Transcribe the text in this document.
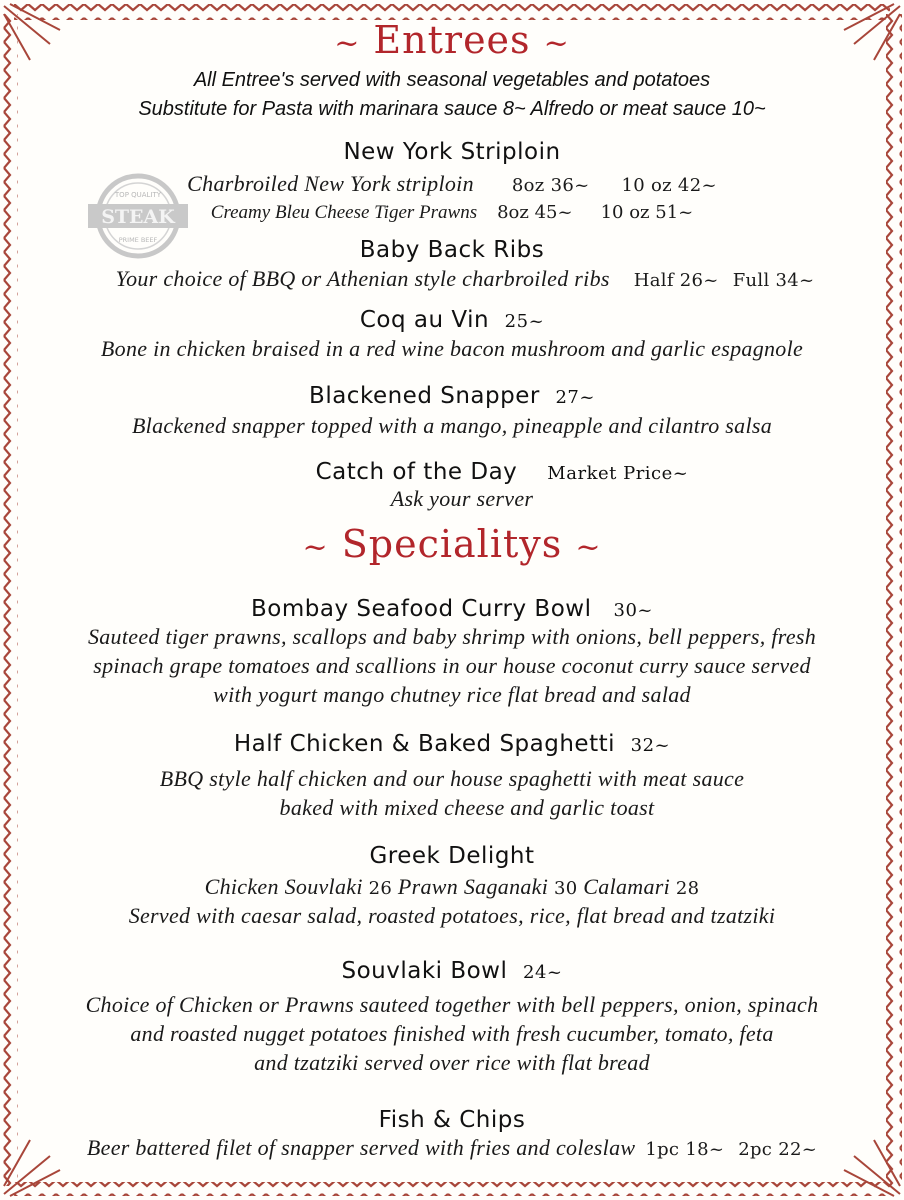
~ Entrees ~
All Entree's served with seasonal vegetables and potatoes
Substitute for Pasta with marinara sauce 8~ Alfredo or meat sauce 10~
STEAK
TOP QUALITY
PRIME BEEF
New York Striploin
Charbroiled New York striploin 8oz 36~ 10 oz 42~
Creamy Bleu Cheese Tiger Prawns 8oz 45~ 10 oz 51~
Baby Back Ribs
Your choice of BBQ or Athenian style charbroiled ribs Half 26~ Full 34~
Coq au Vin 25~
Bone in chicken braised in a red wine bacon mushroom and garlic espagnole
Blackened Snapper 27~
Blackened snapper topped with a mango, pineapple and cilantro salsa
Catch of the Day Market Price~
Ask your server
~ Specialitys ~
Bombay Seafood Curry Bowl 30~
Sauteed tiger prawns, scallops and baby shrimp with onions, bell peppers, fresh
spinach grape tomatoes and scallions in our house coconut curry sauce served
with yogurt mango chutney rice flat bread and salad
Half Chicken & Baked Spaghetti 32~
BBQ style half chicken and our house spaghetti with meat sauce
baked with mixed cheese and garlic toast
Greek Delight
Chicken Souvlaki 26 Prawn Saganaki 30 Calamari 28
Served with caesar salad, roasted potatoes, rice, flat bread and tzatziki
Souvlaki Bowl 24~
Choice of Chicken or Prawns sauteed together with bell peppers, onion, spinach
and roasted nugget potatoes finished with fresh cucumber, tomato, feta
and tzatziki served over rice with flat bread
Fish & Chips
Beer battered filet of snapper served with fries and coleslaw 1pc 18~ 2pc 22~
